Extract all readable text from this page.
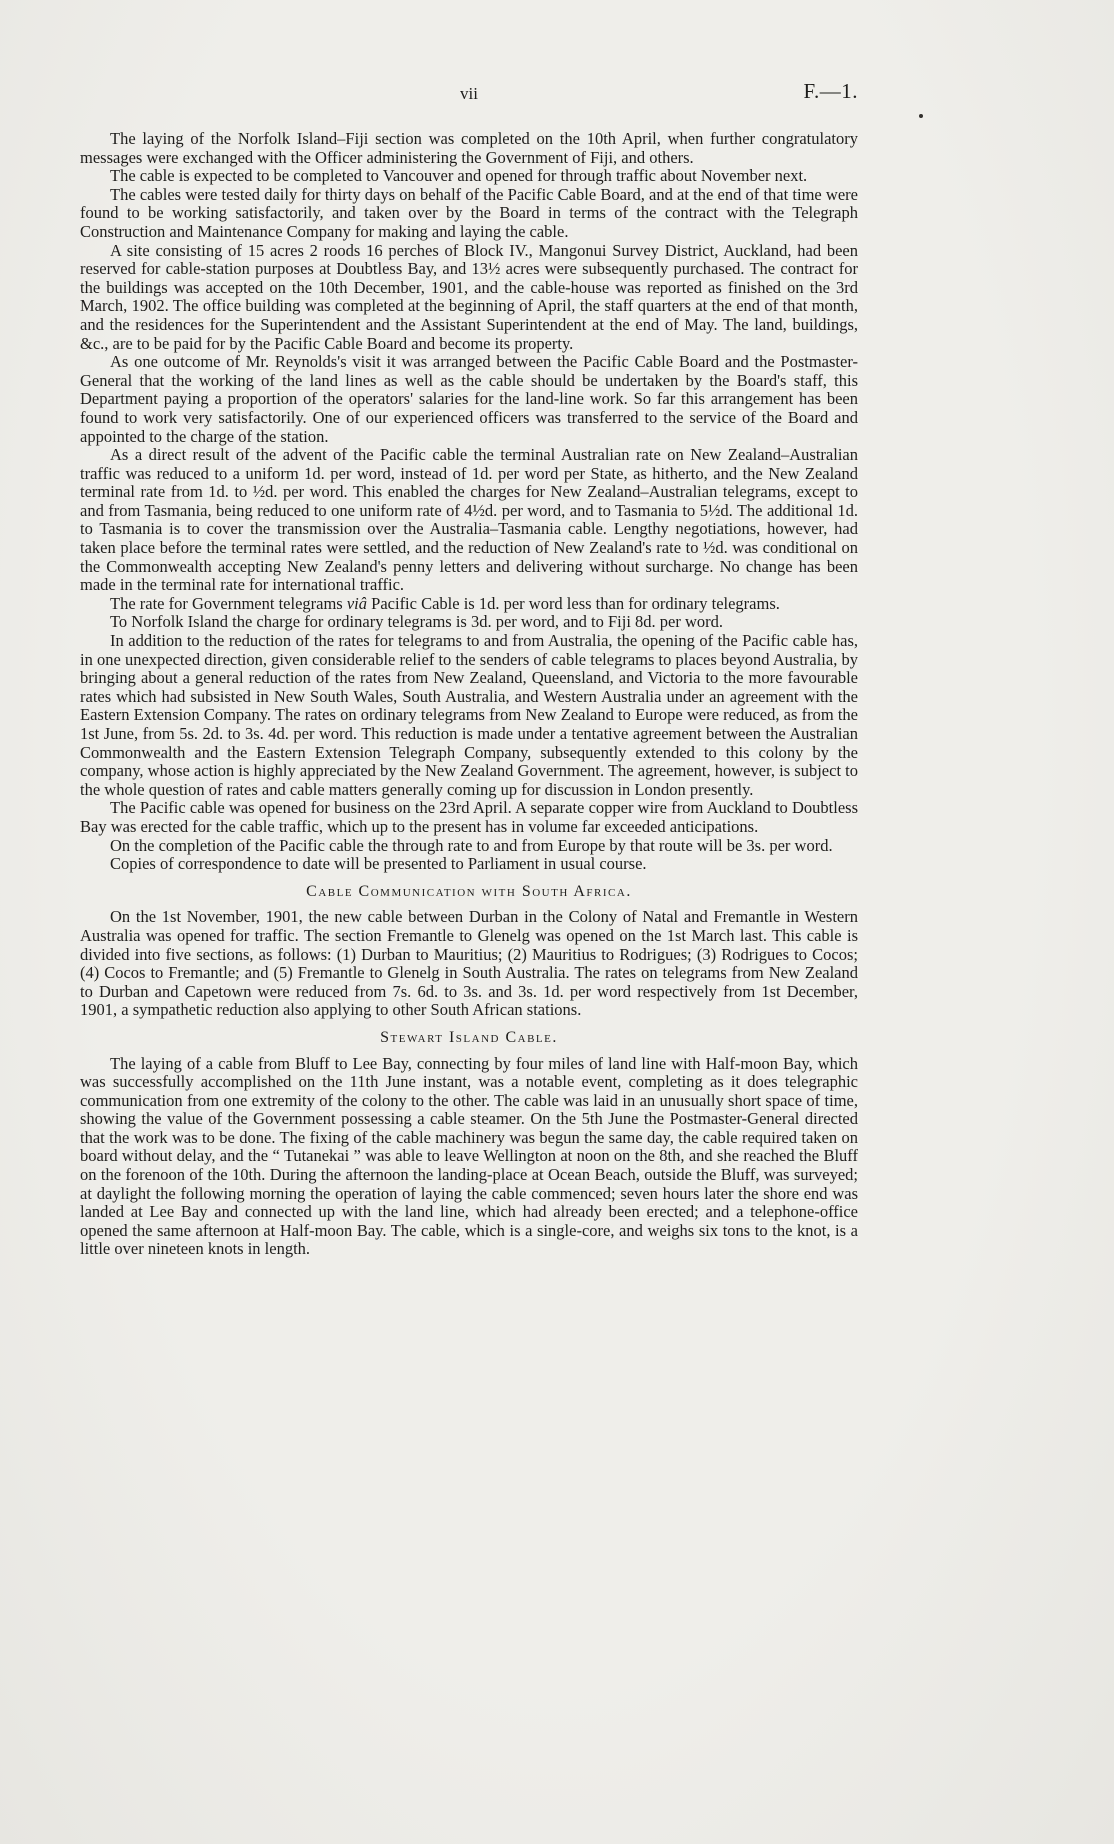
vii	F.—1.

The laying of the Norfolk Island–Fiji section was completed on the 10th April, when further congratulatory messages were exchanged with the Officer administering the Government of Fiji, and others.

The cable is expected to be completed to Vancouver and opened for through traffic about November next.

The cables were tested daily for thirty days on behalf of the Pacific Cable Board, and at the end of that time were found to be working satisfactorily, and taken over by the Board in terms of the contract with the Telegraph Construction and Maintenance Company for making and laying the cable.

A site consisting of 15 acres 2 roods 16 perches of Block IV., Mangonui Survey District, Auckland, had been reserved for cable-station purposes at Doubtless Bay, and 13½ acres were subsequently purchased. The contract for the buildings was accepted on the 10th December, 1901, and the cable-house was reported as finished on the 3rd March, 1902. The office building was completed at the beginning of April, the staff quarters at the end of that month, and the residences for the Superintendent and the Assistant Superintendent at the end of May. The land, buildings, &c., are to be paid for by the Pacific Cable Board and become its property.

As one outcome of Mr. Reynolds's visit it was arranged between the Pacific Cable Board and the Postmaster-General that the working of the land lines as well as the cable should be undertaken by the Board's staff, this Department paying a proportion of the operators' salaries for the land-line work. So far this arrangement has been found to work very satisfactorily. One of our experienced officers was transferred to the service of the Board and appointed to the charge of the station.

As a direct result of the advent of the Pacific cable the terminal Australian rate on New Zealand–Australian traffic was reduced to a uniform 1d. per word, instead of 1d. per word per State, as hitherto, and the New Zealand terminal rate from 1d. to ½d. per word. This enabled the charges for New Zealand–Australian telegrams, except to and from Tasmania, being reduced to one uniform rate of 4½d. per word, and to Tasmania to 5½d. The additional 1d. to Tasmania is to cover the transmission over the Australia–Tasmania cable. Lengthy negotiations, however, had taken place before the terminal rates were settled, and the reduction of New Zealand's rate to ½d. was conditional on the Commonwealth accepting New Zealand's penny letters and delivering without surcharge. No change has been made in the terminal rate for international traffic.

The rate for Government telegrams viâ Pacific Cable is 1d. per word less than for ordinary telegrams.

To Norfolk Island the charge for ordinary telegrams is 3d. per word, and to Fiji 8d. per word.

In addition to the reduction of the rates for telegrams to and from Australia, the opening of the Pacific cable has, in one unexpected direction, given considerable relief to the senders of cable telegrams to places beyond Australia, by bringing about a general reduction of the rates from New Zealand, Queensland, and Victoria to the more favourable rates which had subsisted in New South Wales, South Australia, and Western Australia under an agreement with the Eastern Extension Company. The rates on ordinary telegrams from New Zealand to Europe were reduced, as from the 1st June, from 5s. 2d. to 3s. 4d. per word. This reduction is made under a tentative agreement between the Australian Commonwealth and the Eastern Extension Telegraph Company, subsequently extended to this colony by the company, whose action is highly appreciated by the New Zealand Government. The agreement, however, is subject to the whole question of rates and cable matters generally coming up for discussion in London presently.

The Pacific cable was opened for business on the 23rd April. A separate copper wire from Auckland to Doubtless Bay was erected for the cable traffic, which up to the present has in volume far exceeded anticipations.

On the completion of the Pacific cable the through rate to and from Europe by that route will be 3s. per word.

Copies of correspondence to date will be presented to Parliament in usual course.

Cable Communication with South Africa.

On the 1st November, 1901, the new cable between Durban in the Colony of Natal and Fremantle in Western Australia was opened for traffic. The section Fremantle to Glenelg was opened on the 1st March last. This cable is divided into five sections, as follows: (1) Durban to Mauritius; (2) Mauritius to Rodrigues; (3) Rodrigues to Cocos; (4) Cocos to Fremantle; and (5) Fremantle to Glenelg in South Australia. The rates on telegrams from New Zealand to Durban and Capetown were reduced from 7s. 6d. to 3s. and 3s. 1d. per word respectively from 1st December, 1901, a sympathetic reduction also applying to other South African stations.

Stewart Island Cable.

The laying of a cable from Bluff to Lee Bay, connecting by four miles of land line with Half-moon Bay, which was successfully accomplished on the 11th June instant, was a notable event, completing as it does telegraphic communication from one extremity of the colony to the other. The cable was laid in an unusually short space of time, showing the value of the Government possessing a cable steamer. On the 5th June the Postmaster-General directed that the work was to be done. The fixing of the cable machinery was begun the same day, the cable required taken on board without delay, and the “ Tutanekai ” was able to leave Wellington at noon on the 8th, and she reached the Bluff on the forenoon of the 10th. During the afternoon the landing-place at Ocean Beach, outside the Bluff, was surveyed; at daylight the following morning the operation of laying the cable commenced; seven hours later the shore end was landed at Lee Bay and connected up with the land line, which had already been erected; and a telephone-office opened the same afternoon at Half-moon Bay. The cable, which is a single-core, and weighs six tons to the knot, is a little over nineteen knots in length.
